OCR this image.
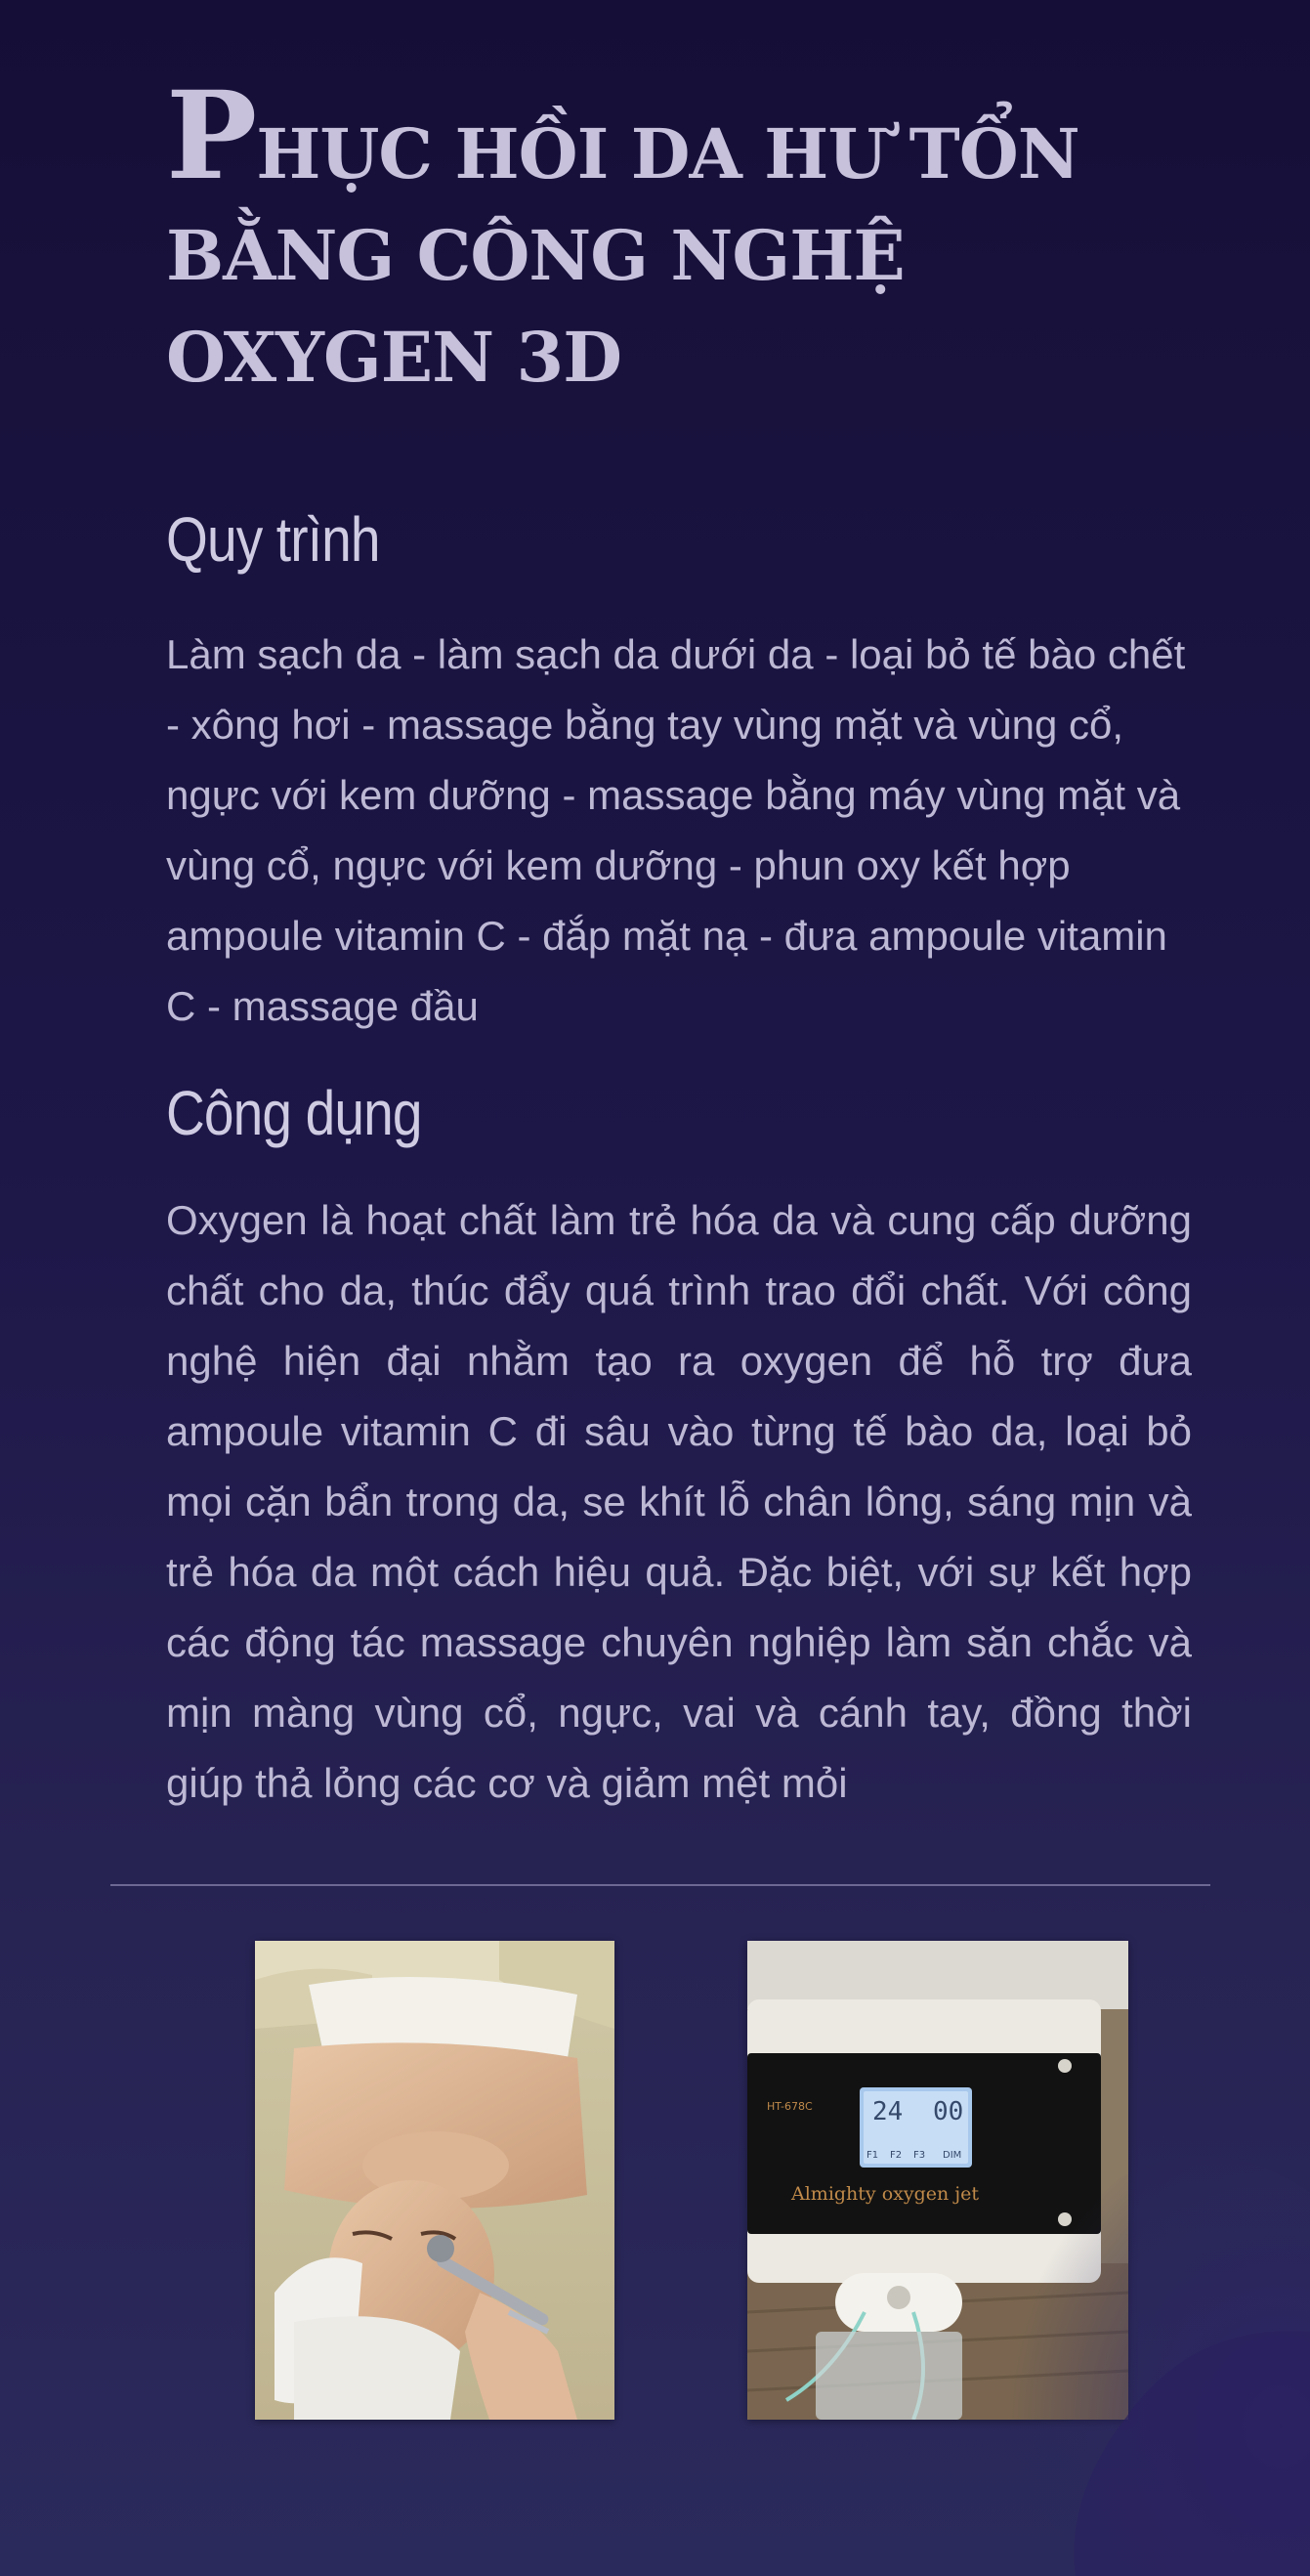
PHỤC HỒI DA HƯ TỔN
BẰNG CÔNG NGHỆ
OXYGEN 3D
Quy trình

Làm sạch da - làm sạch da dưới da - loại bỏ tế bào chết - xông hơi - massage bằng tay vùng mặt và vùng cổ, ngực với kem dưỡng - massage bằng máy vùng mặt và vùng cổ, ngực với kem dưỡng - phun oxy kết hợp ampoule vitamin C - đắp mặt nạ - đưa ampoule vitamin C - massage đầu

Công dụng

Oxygen là hoạt chất làm trẻ hóa da và cung cấp dưỡng chất cho da, thúc đẩy quá trình trao đổi chất. Với công nghệ hiện đại nhằm tạo ra oxygen để hỗ trợ đưa ampoule vitamin C đi sâu vào từng tế bào da, loại bỏ mọi cặn bẩn trong da, se khít lỗ chân lông, sáng mịn và trẻ hóa da một cách hiệu quả. Đặc biệt, với sự kết hợp các động tác massage chuyên nghiệp làm săn chắc và mịn màng vùng cổ, ngực, vai và cánh tay, đồng thời giúp thả lỏng các cơ và giảm mệt mỏi

24 00
HT-678C
F1 F2 F3 DIM
Almighty oxygen jet
